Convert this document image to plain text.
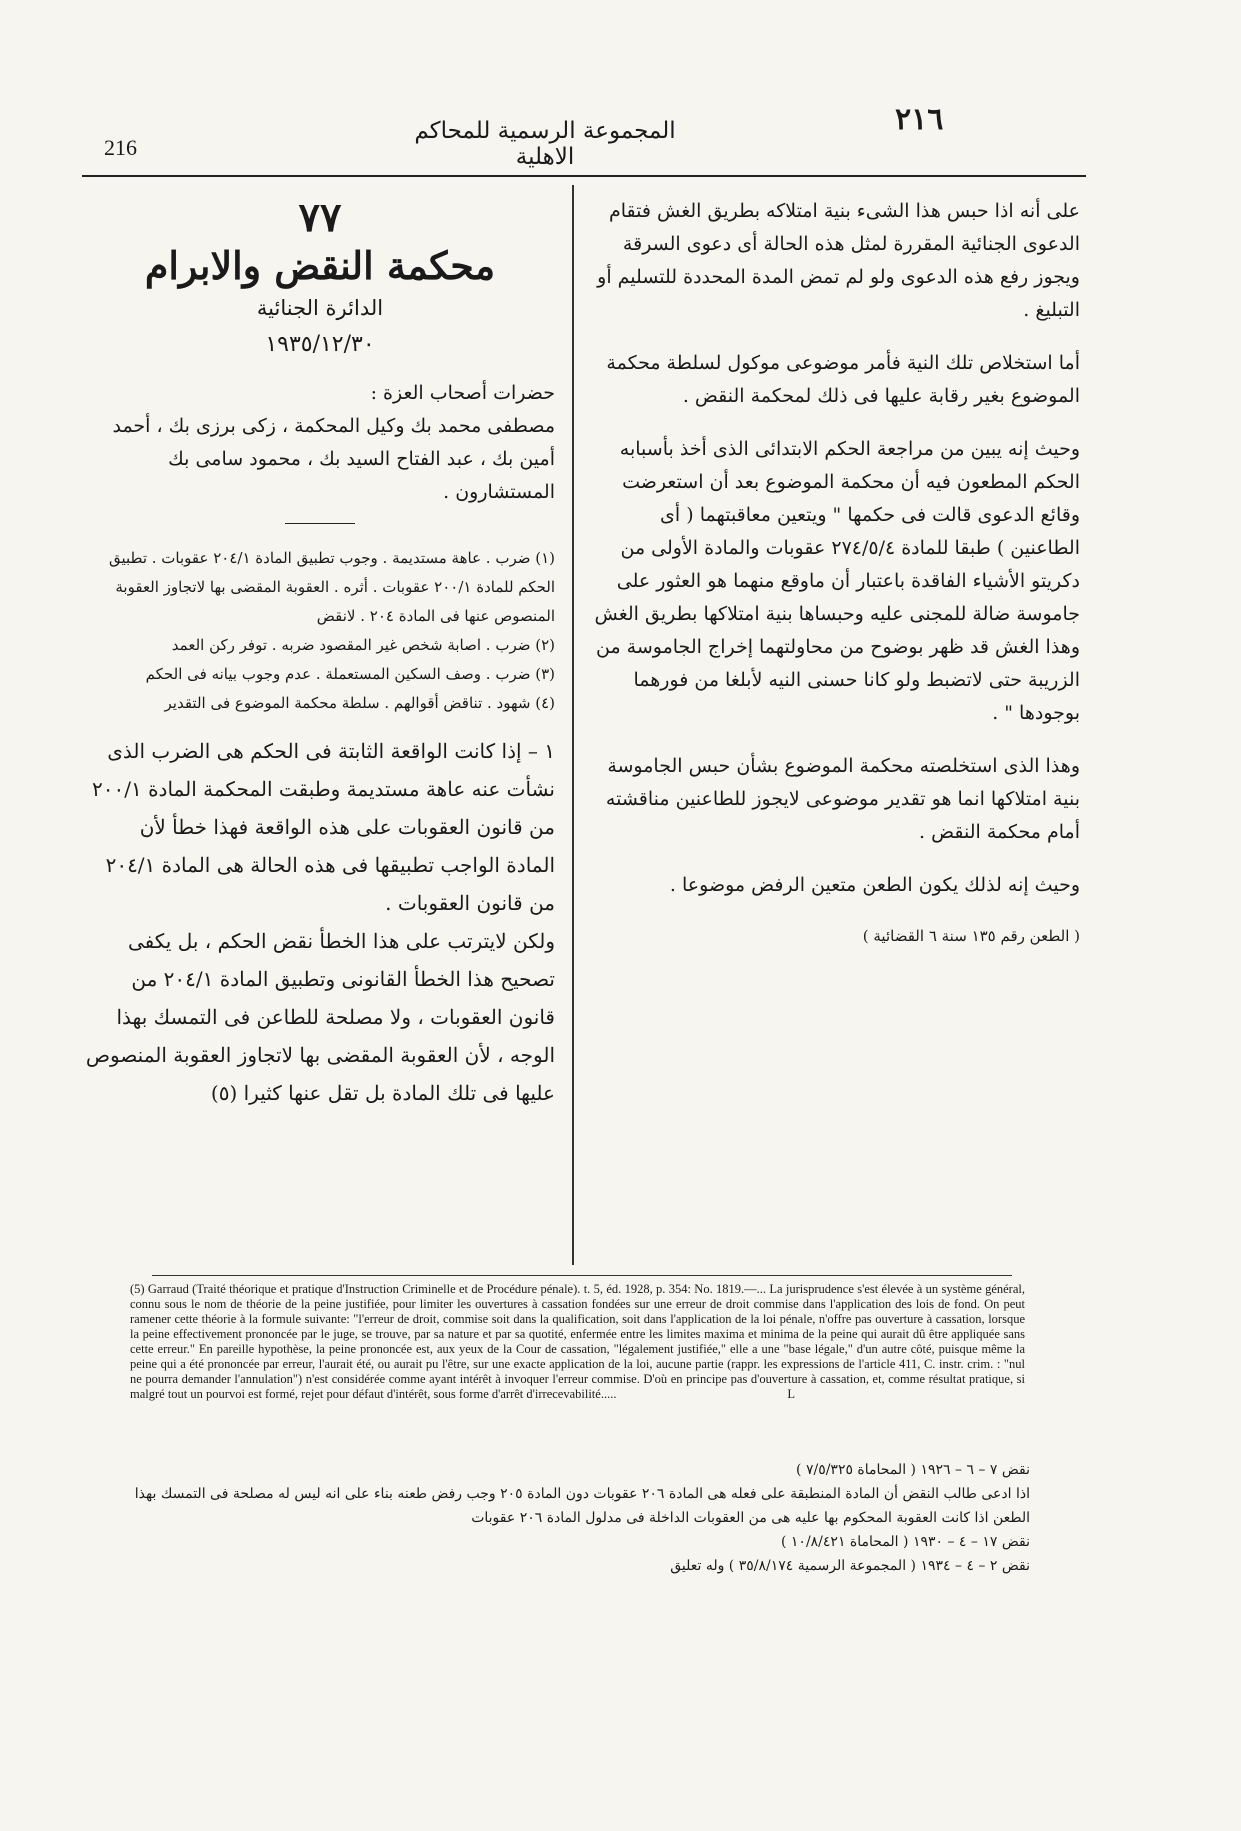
216
المجموعة الرسمية للمحاكم الاهلية
٢١٦

على أنه اذا حبس هذا الشىء بنية امتلاكه بطريق الغش فتقام الدعوى الجنائية المقررة لمثل هذه الحالة أى دعوى السرقة ويجوز رفع هذه الدعوى ولو لم تمض المدة المحددة للتسليم أو التبليغ .

أما استخلاص تلك النية فأمر موضوعى موكول لسلطة محكمة الموضوع بغير رقابة عليها فى ذلك لمحكمة النقض .

وحيث إنه يبين من مراجعة الحكم الابتدائى الذى أخذ بأسبابه الحكم المطعون فيه أن محكمة الموضوع بعد أن استعرضت وقائع الدعوى قالت فى حكمها " ويتعين معاقبتهما ( أى الطاعنين ) طبقا للمادة ٢٧٤/٥/٤ عقوبات والمادة الأولى من دكريتو الأشياء الفاقدة باعتبار أن ماوقع منهما هو العثور على جاموسة ضالة للمجنى عليه وحبساها بنية امتلاكها بطريق الغش وهذا الغش قد ظهر بوضوح من محاولتهما إخراج الجاموسة من الزريبة حتى لاتضبط ولو كانا حسنى النيه لأبلغا من فورهما بوجودها " .

وهذا الذى استخلصته محكمة الموضوع بشأن حبس الجاموسة بنية امتلاكها انما هو تقدير موضوعى لايجوز للطاعنين مناقشته أمام محكمة النقض .

وحيث إنه لذلك يكون الطعن متعين الرفض موضوعا .

( الطعن رقم ١٣٥ سنة ٦ القضائية )

٧٧

محكمة النقض والابرام

الدائرة الجنائية

١٩٣٥/١٢/٣٠

حضرات أصحاب العزة :

مصطفى محمد بك وكيل المحكمة ، زكى برزى بك ، أحمد أمين بك ، عبد الفتاح السيد بك ، محمود سامى بك المستشارون .

(١) ضرب . عاهة مستديمة . وجوب تطبيق المادة ٢٠٤/١ عقوبات . تطبيق الحكم للمادة ٢٠٠/١ عقوبات . أثره . العقوبة المقضى بها لاتجاوز العقوبة المنصوص عنها فى المادة ٢٠٤ . لانقض

(٢) ضرب . اصابة شخص غير المقصود ضربه . توفر ركن العمد

(٣) ضرب . وصف السكين المستعملة . عدم وجوب بيانه فى الحكم

(٤) شهود . تناقض أقوالهم . سلطة محكمة الموضوع فى التقدير

١ – إذا كانت الواقعة الثابتة فى الحكم هى الضرب الذى نشأت عنه عاهة مستديمة وطبقت المحكمة المادة ٢٠٠/١ من قانون العقوبات على هذه الواقعة فهذا خطأ لأن المادة الواجب تطبيقها فى هذه الحالة هى المادة ٢٠٤/١ من قانون العقوبات .

ولكن لايترتب على هذا الخطأ نقض الحكم ، بل يكفى تصحيح هذا الخطأ القانونى وتطبيق المادة ٢٠٤/١ من قانون العقوبات ، ولا مصلحة للطاعن فى التمسك بهذا الوجه ، لأن العقوبة المقضى بها لاتجاوز العقوبة المنصوص عليها فى تلك المادة بل تقل عنها كثيرا (٥)

(5) Garraud (Traité théorique et pratique d'Instruction Criminelle et de Procédure pénale). t. 5, éd. 1928, p. 354: No. 1819.—... La jurisprudence s'est élevée à un système général, connu sous le nom de théorie de la peine justifiée, pour limiter les ouvertures à cassation fondées sur une erreur de droit commise dans l'application des lois de fond. On peut ramener cette théorie à la formule suivante: "l'erreur de droit, commise soit dans la qualification, soit dans l'application de la loi pénale, n'offre pas ouverture à cassation, lorsque la peine effectivement prononcée par le juge, se trouve, par sa nature et par sa quotité, enfermée entre les limites maxima et minima de la peine qui aurait dû être appliquée sans cette erreur." En pareille hypothèse, la peine prononcée est, aux yeux de la Cour de cassation, "légalement justifiée," elle a une "base légale," d'un autre côté, puisque même la peine qui a été prononcée par erreur, l'aurait été, ou aurait pu l'être, sur une exacte application de la loi, aucune partie (rappr. les expressions de l'article 411, C. instr. crim. : "nul ne pourra demander l'annulation") n'est considérée comme ayant intérêt à invoquer l'erreur commise. D'où en principe pas d'ouverture à cassation, et, comme résultat pratique, si malgré tout un pourvoi est formé, rejet pour défaut d'intérêt, sous forme d'arrêt d'irrecevabilité.....	L

نقض ٧ – ٦ – ١٩٢٦ ( المحاماة ٧/٥/٣٢٥ )

اذا ادعى طالب النقض أن المادة المنطبقة على فعله هى المادة ٢٠٦ عقوبات دون المادة ٢٠٥ وجب رفض طعنه بناء على انه ليس له مصلحة فى التمسك بهذا الطعن اذا كانت العقوبة المحكوم بها عليه هى من العقوبات الداخلة فى مدلول المادة ٢٠٦ عقوبات

نقض ١٧ – ٤ – ١٩٣٠ ( المحاماة ١٠/٨/٤٢١ )

نقض ٢ – ٤ – ١٩٣٤ ( المجموعة الرسمية ٣٥/٨/١٧٤ ) وله تعليق
